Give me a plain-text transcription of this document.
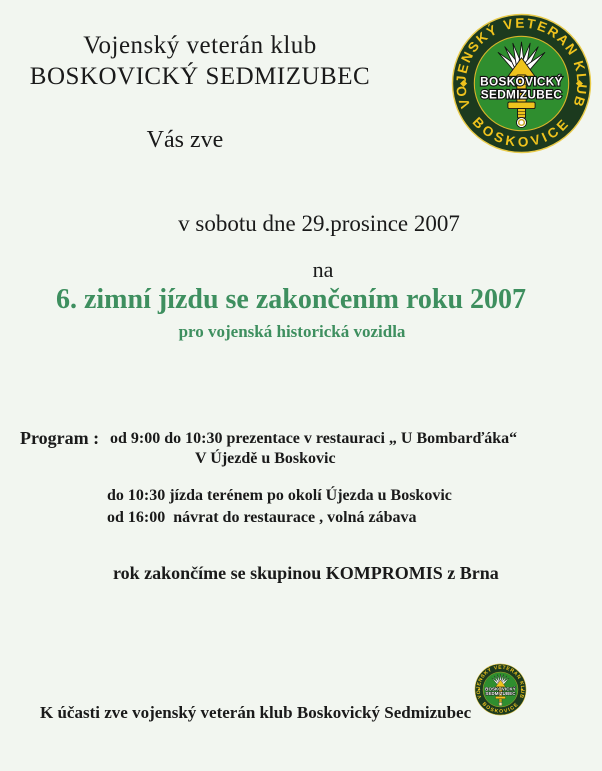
Vojenský veterán klub
BOSKOVICKÝ SEDMIZUBEC
Vás zve
v sobotu dne 29.prosince 2007
na
6. zimní jízdu se zakončením roku 2007
pro vojenská historická vozidla
Program : od 9:00 do 10:30 prezentace v restauraci „ U Bombarďáka“
V Újezdě u Boskovic
do 10:30 jízda terénem po okolí Újezda u Boskovic
od 16:00  návrat do restaurace , volná zábava
rok zakončíme se skupinou KOMPROMIS z Brna
K účasti zve vojenský veterán klub Boskovický Sedmizubec
